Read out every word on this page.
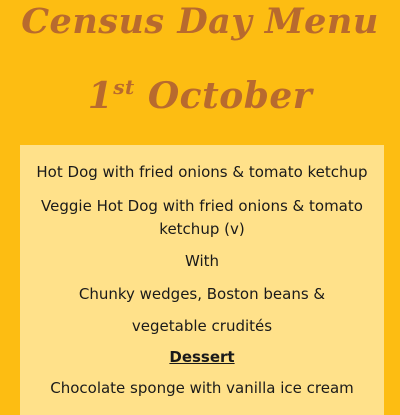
Census Day Menu
1st October

Hot Dog with fried onions & tomato ketchup

Veggie Hot Dog with fried onions & tomato

ketchup (v)

With

Chunky wedges, Boston beans &

vegetable crudités

Dessert

Chocolate sponge with vanilla ice cream
